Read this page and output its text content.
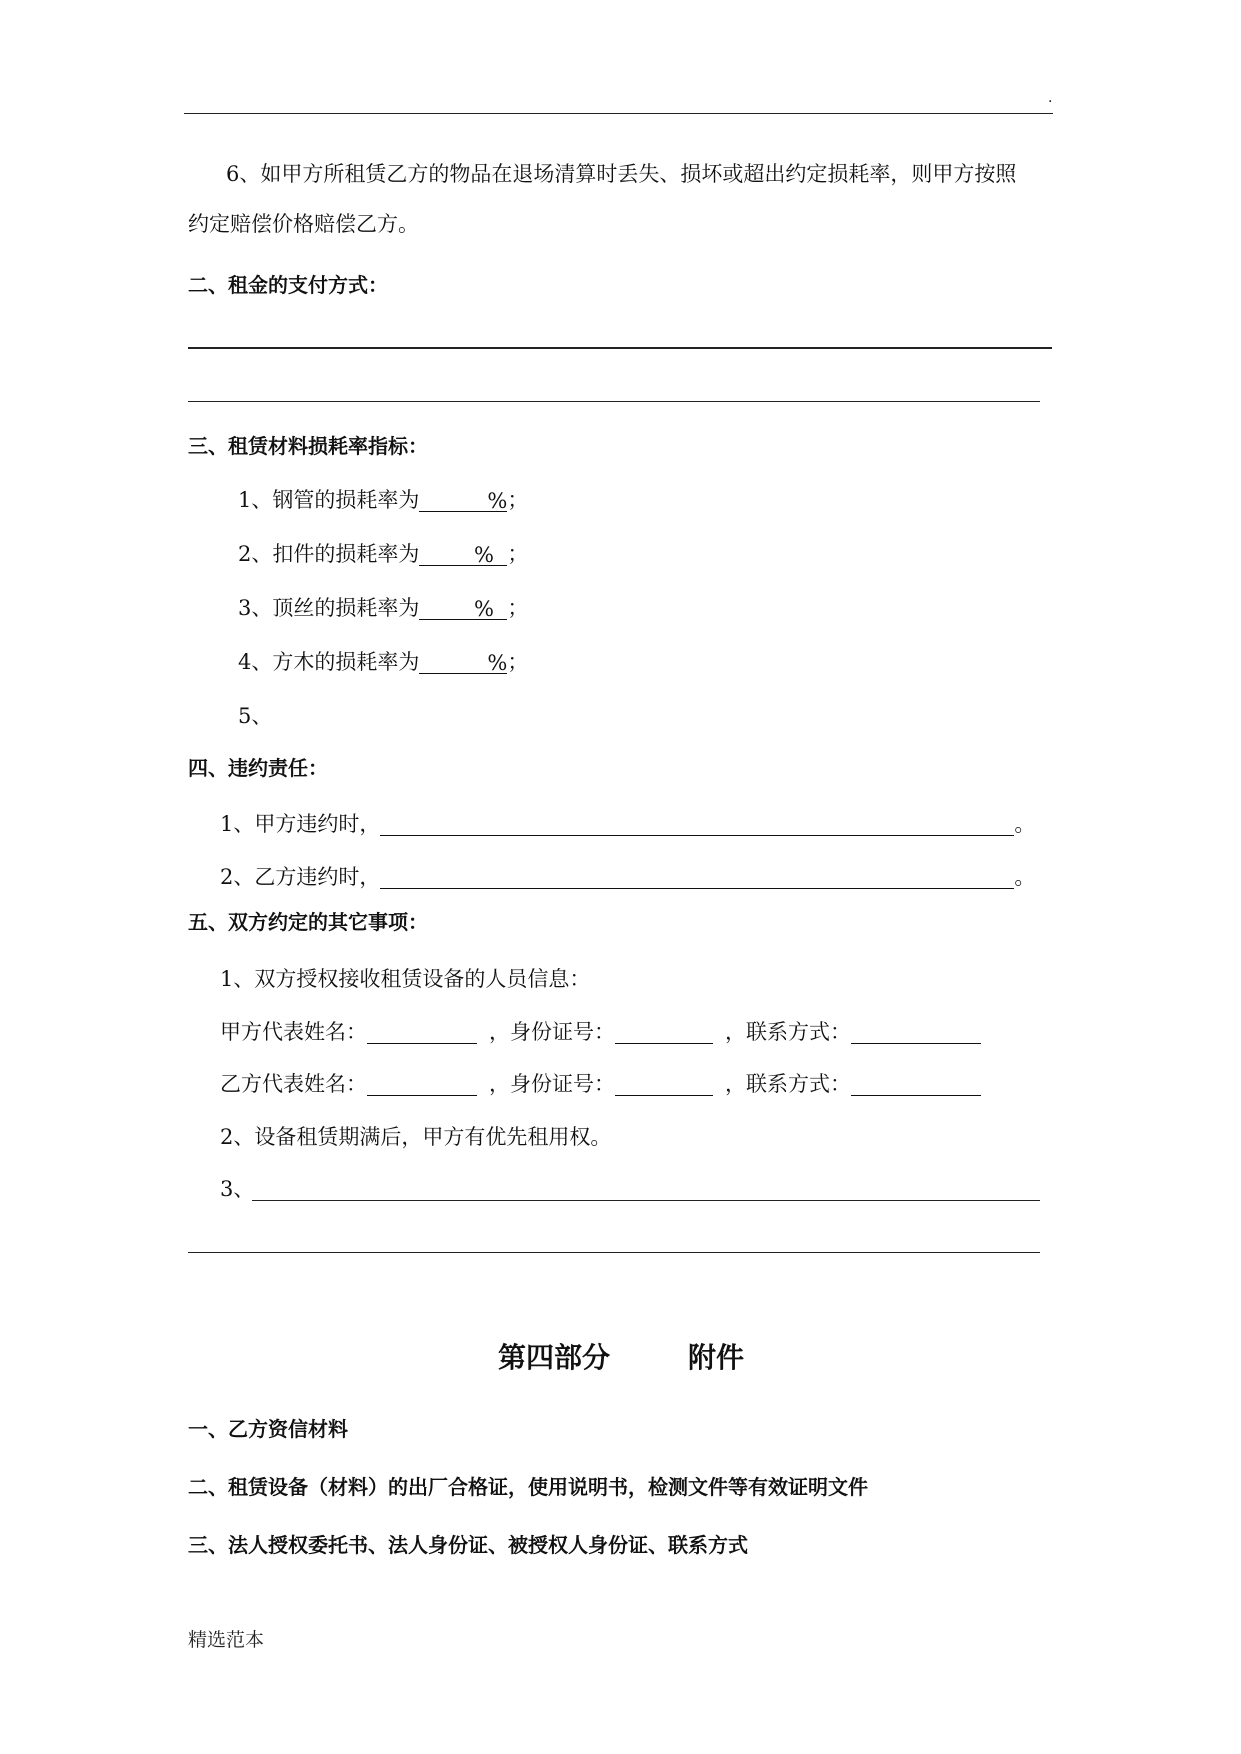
.
6、如甲方所租赁乙方的物品在退场清算时丢失、损坏或超出约定损耗率，则甲方按照
约定赔偿价格赔偿乙方。
二、租金的支付方式：
三、租赁材料损耗率指标：
1、钢管的损耗率为	%；
2、扣件的损耗率为	% ；
3、顶丝的损耗率为	% ；
4、方木的损耗率为	%；
5、
四、违约责任：
1、甲方违约时，	。
2、乙方违约时，	。
五、双方约定的其它事项：
1、双方授权接收租赁设备的人员信息：
甲方代表姓名：	，身份证号：	，联系方式：
乙方代表姓名：	，身份证号：	，联系方式：
2、设备租赁期满后，甲方有优先租用权。
3、
第四部分	附件
一、乙方资信材料
二、租赁设备（材料）的出厂合格证，使用说明书，检测文件等有效证明文件
三、法人授权委托书、法人身份证、被授权人身份证、联系方式
精选范本
